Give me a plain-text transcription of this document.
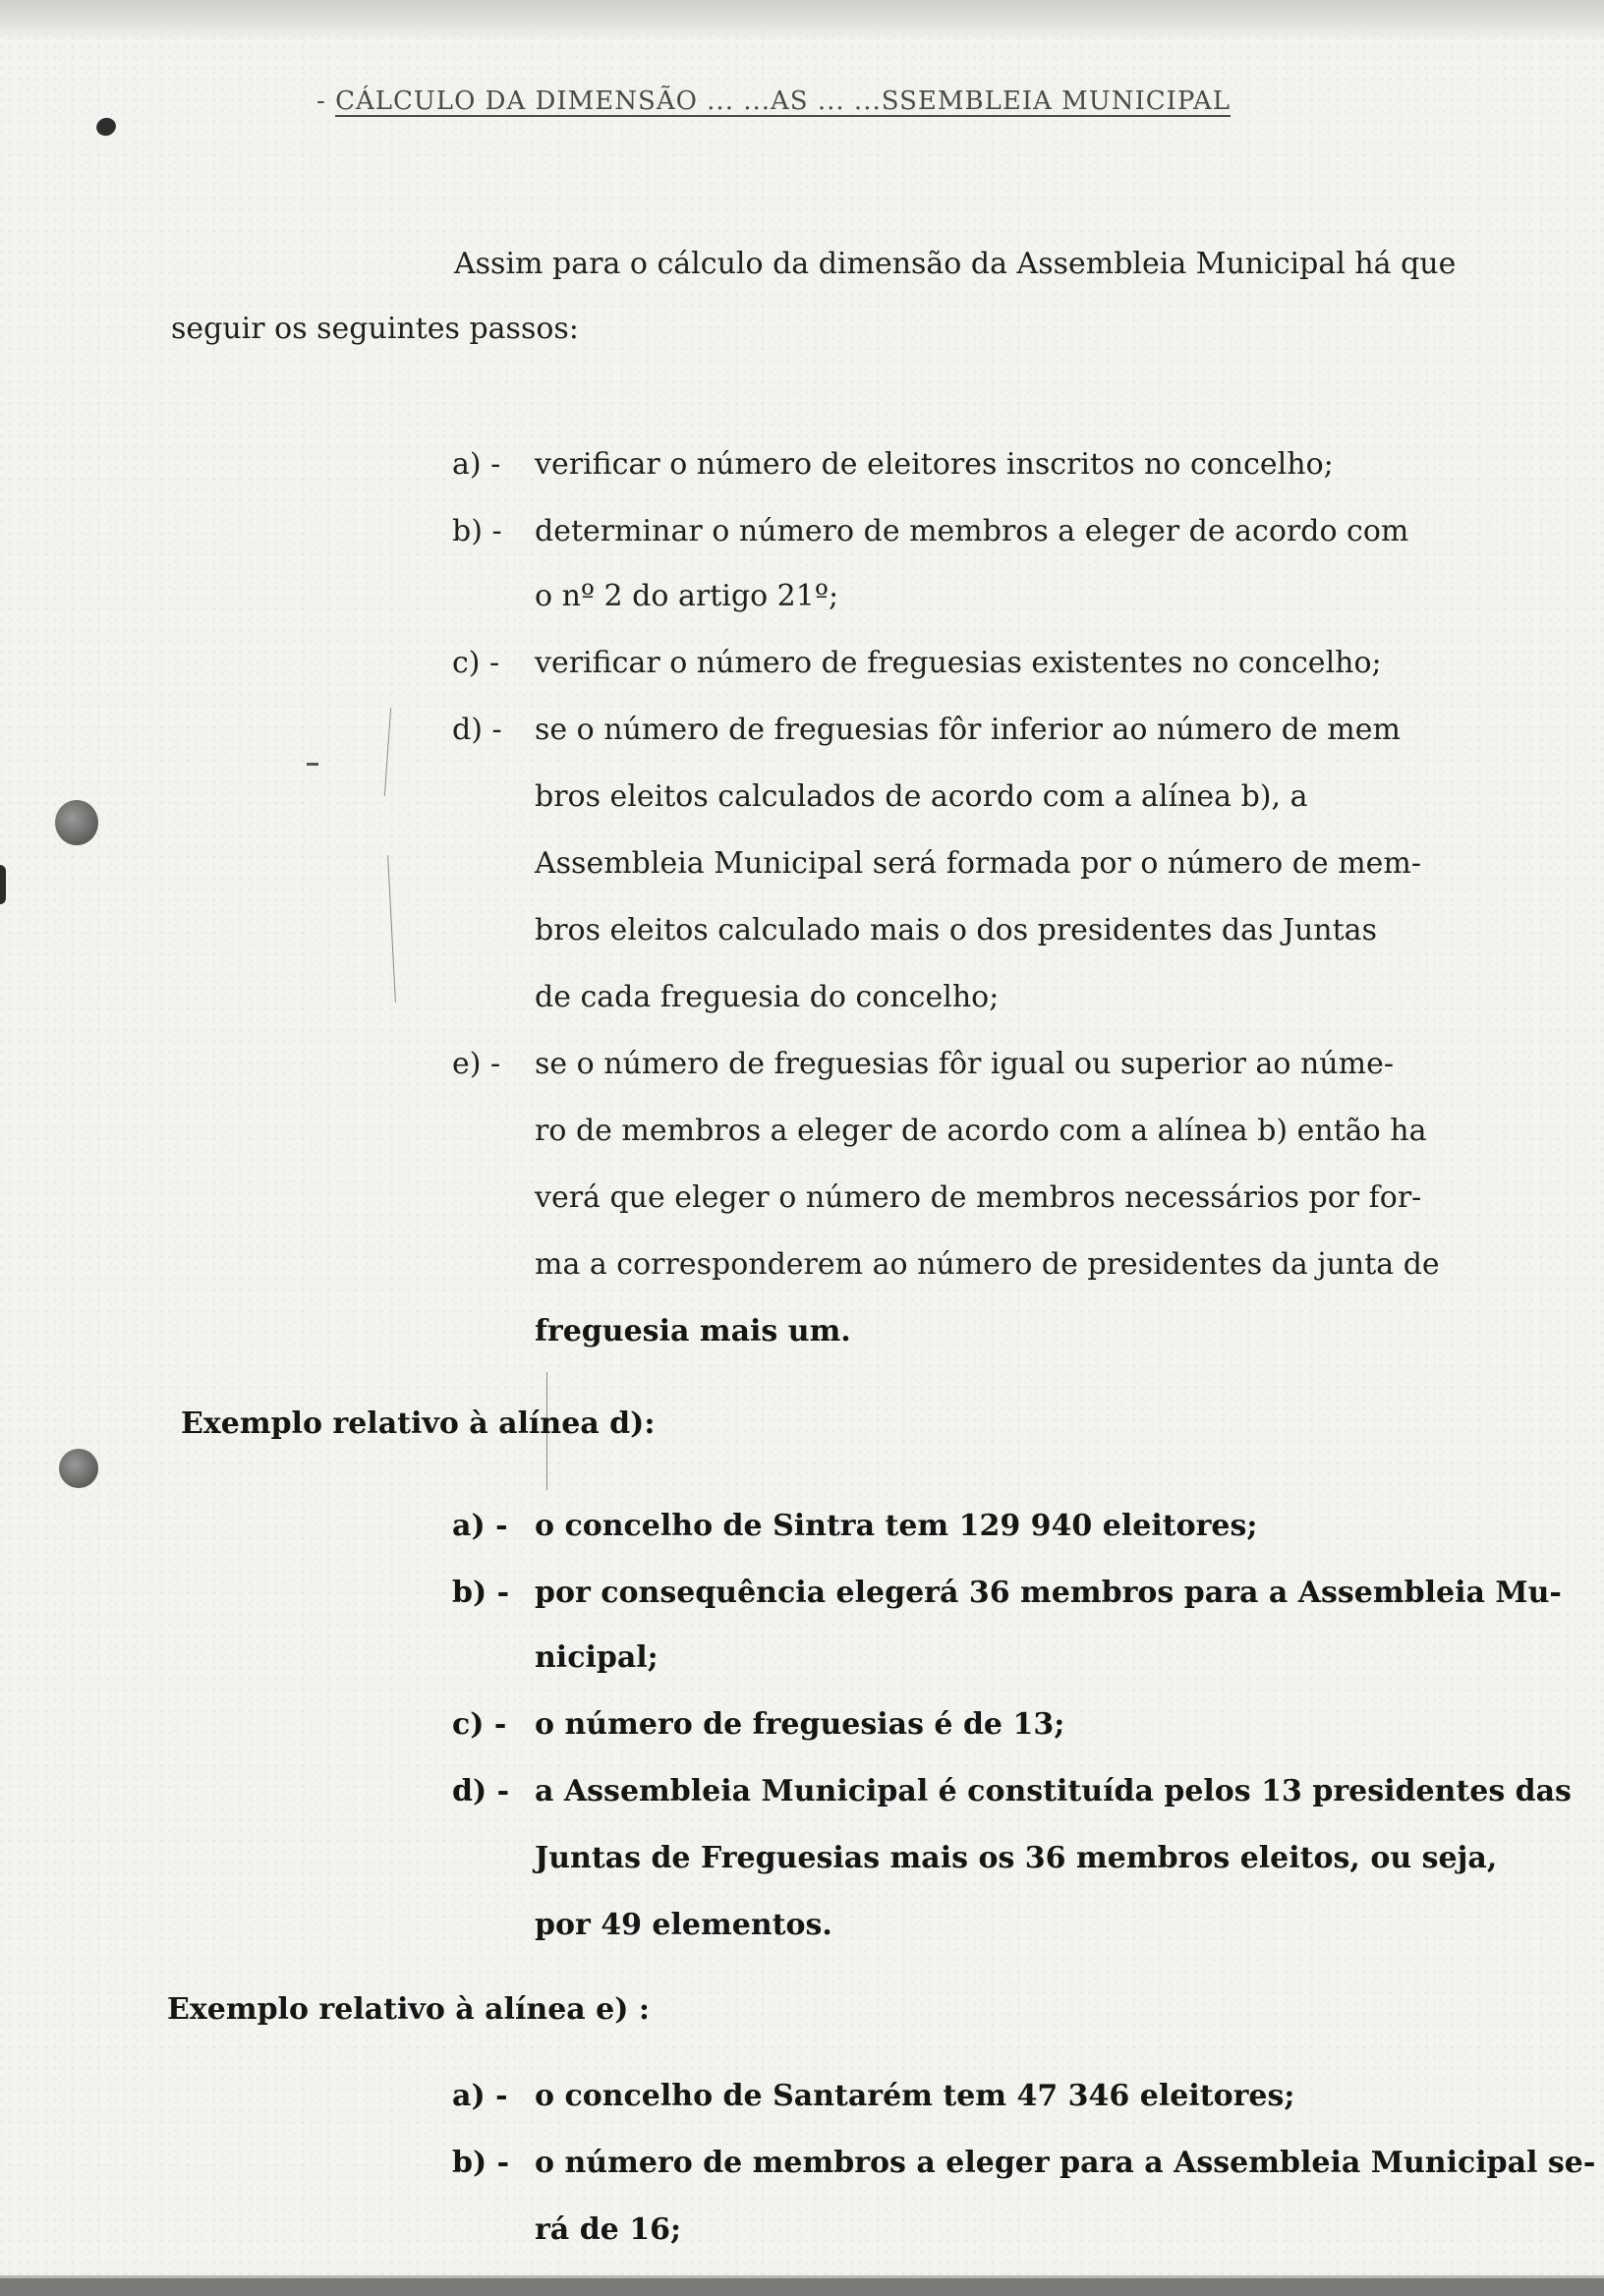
- CÁLCULO DA DIMENSÃO ... ...AS ... ...SSEMBLEIA MUNICIPAL
Assim para o cálculo da dimensão da Assembleia Municipal há que
seguir os seguintes passos:
a) - verificar o número de eleitores inscritos no concelho;
b) - determinar o número de membros a eleger de acordo com
o nº 2 do artigo 21º;
c) - verificar o número de freguesias existentes no concelho;
d) - se o número de freguesias fôr inferior ao número de mem
bros eleitos calculados de acordo com a alínea b), a
Assembleia Municipal será formada por o número de mem-
bros eleitos calculado mais o dos presidentes das Juntas
de cada freguesia do concelho;
e) - se o número de freguesias fôr igual ou superior ao núme-
ro de membros a eleger de acordo com a alínea b) então ha
verá que eleger o número de membros necessários por for-
ma a corresponderem ao número de presidentes da junta de
freguesia mais um.
Exemplo relativo à alínea d):
a) - o concelho de Sintra tem 129 940 eleitores;
b) - por consequência elegerá 36 membros para a Assembleia Mu-
nicipal;
c) - o número de freguesias é de 13;
d) - a Assembleia Municipal é constituída pelos 13 presidentes das
Juntas de Freguesias mais os 36 membros eleitos, ou seja,
por 49 elementos.
Exemplo relativo à alínea e) :
a) - o concelho de Santarém tem 47 346 eleitores;
b) - o número de membros a eleger para a Assembleia Municipal se-
rá de 16;
